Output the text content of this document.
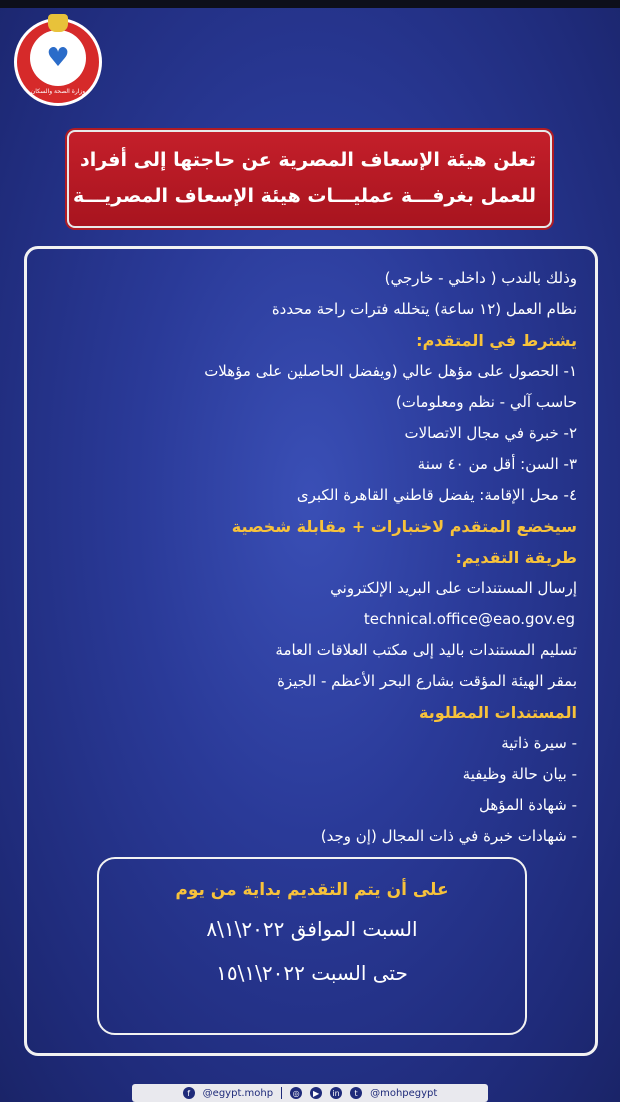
♥
وزارة الصحة والسكان

تعلن هيئة الإسعاف المصرية عن حاجتها إلى أفراد

للعمل بغرفـــة عمليـــات هيئة الإسعاف المصريـــة

وذلك بالندب ( داخلي - خارجي)
نظام العمل (١٢ ساعة) يتخلله فترات راحة محددة
يشترط في المتقدم:
١- الحصول على مؤهل عالي (ويفضل الحاصلين على مؤهلات
حاسب آلي - نظم ومعلومات)
٢- خبرة في مجال الاتصالات
٣- السن: أقل من ٤٠ سنة
٤- محل الإقامة: يفضل قاطني القاهرة الكبرى
سيخضع المتقدم لاختبارات + مقابلة شخصية
طريقة التقديم:
إرسال المستندات على البريد الإلكتروني
technical.office@eao.gov.eg
تسليم المستندات باليد إلى مكتب العلاقات العامة
بمقر الهيئة المؤقت بشارع البحر الأعظم - الجيزة
المستندات المطلوبة
- سيرة ذاتية
- بيان حالة وظيفية
- شهادة المؤهل
- شهادات خبرة في ذات المجال (إن وجد)
على أن يتم التقديم بداية من يوم
السبت الموافق ٢٠٢٢\١\٨
حتى السبت ٢٠٢٢\١\١٥
f	@egypt.mohp	◎	▶	in	t	@mohpegypt
